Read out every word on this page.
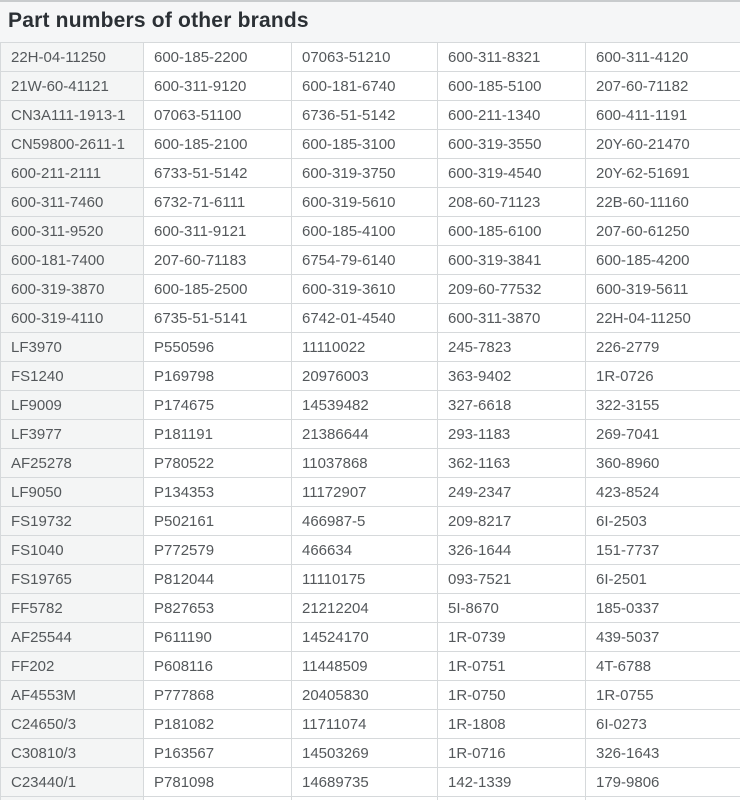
Part numbers of other brands
22H-04-11250	600-185-2200	07063-51210	600-311-8321	600-311-4120
21W-60-41121	600-311-9120	600-181-6740	600-185-5100	207-60-71182
CN3A111-1913-1	07063-51100	6736-51-5142	600-211-1340	600-411-1191
CN59800-2611-1	600-185-2100	600-185-3100	600-319-3550	20Y-60-21470
600-211-2111	6733-51-5142	600-319-3750	600-319-4540	20Y-62-51691
600-311-7460	6732-71-6111	600-319-5610	208-60-71123	22B-60-11160
600-311-9520	600-311-9121	600-185-4100	600-185-6100	207-60-61250
600-181-7400	207-60-71183	6754-79-6140	600-319-3841	600-185-4200
600-319-3870	600-185-2500	600-319-3610	209-60-77532	600-319-5611
600-319-4110	6735-51-5141	6742-01-4540	600-311-3870	22H-04-11250
LF3970	P550596	11110022	245-7823	226-2779
FS1240	P169798	20976003	363-9402	1R-0726
LF9009	P174675	14539482	327-6618	322-3155
LF3977	P181191	21386644	293-1183	269-7041
AF25278	P780522	11037868	362-1163	360-8960
LF9050	P134353	11172907	249-2347	423-8524
FS19732	P502161	466987-5	209-8217	6I-2503
FS1040	P772579	466634	326-1644	151-7737
FS19765	P812044	11110175	093-7521	6I-2501
FF5782	P827653	21212204	5I-8670	185-0337
AF25544	P611190	14524170	1R-0739	439-5037
FF202	P608116	11448509	1R-0751	4T-6788
AF4553M	P777868	20405830	1R-0750	1R-0755
C24650/3	P181082	11711074	1R-1808	6I-0273
C30810/3	P163567	14503269	1R-0716	326-1643
C23440/1	P781098	14689735	142-1339	179-9806
